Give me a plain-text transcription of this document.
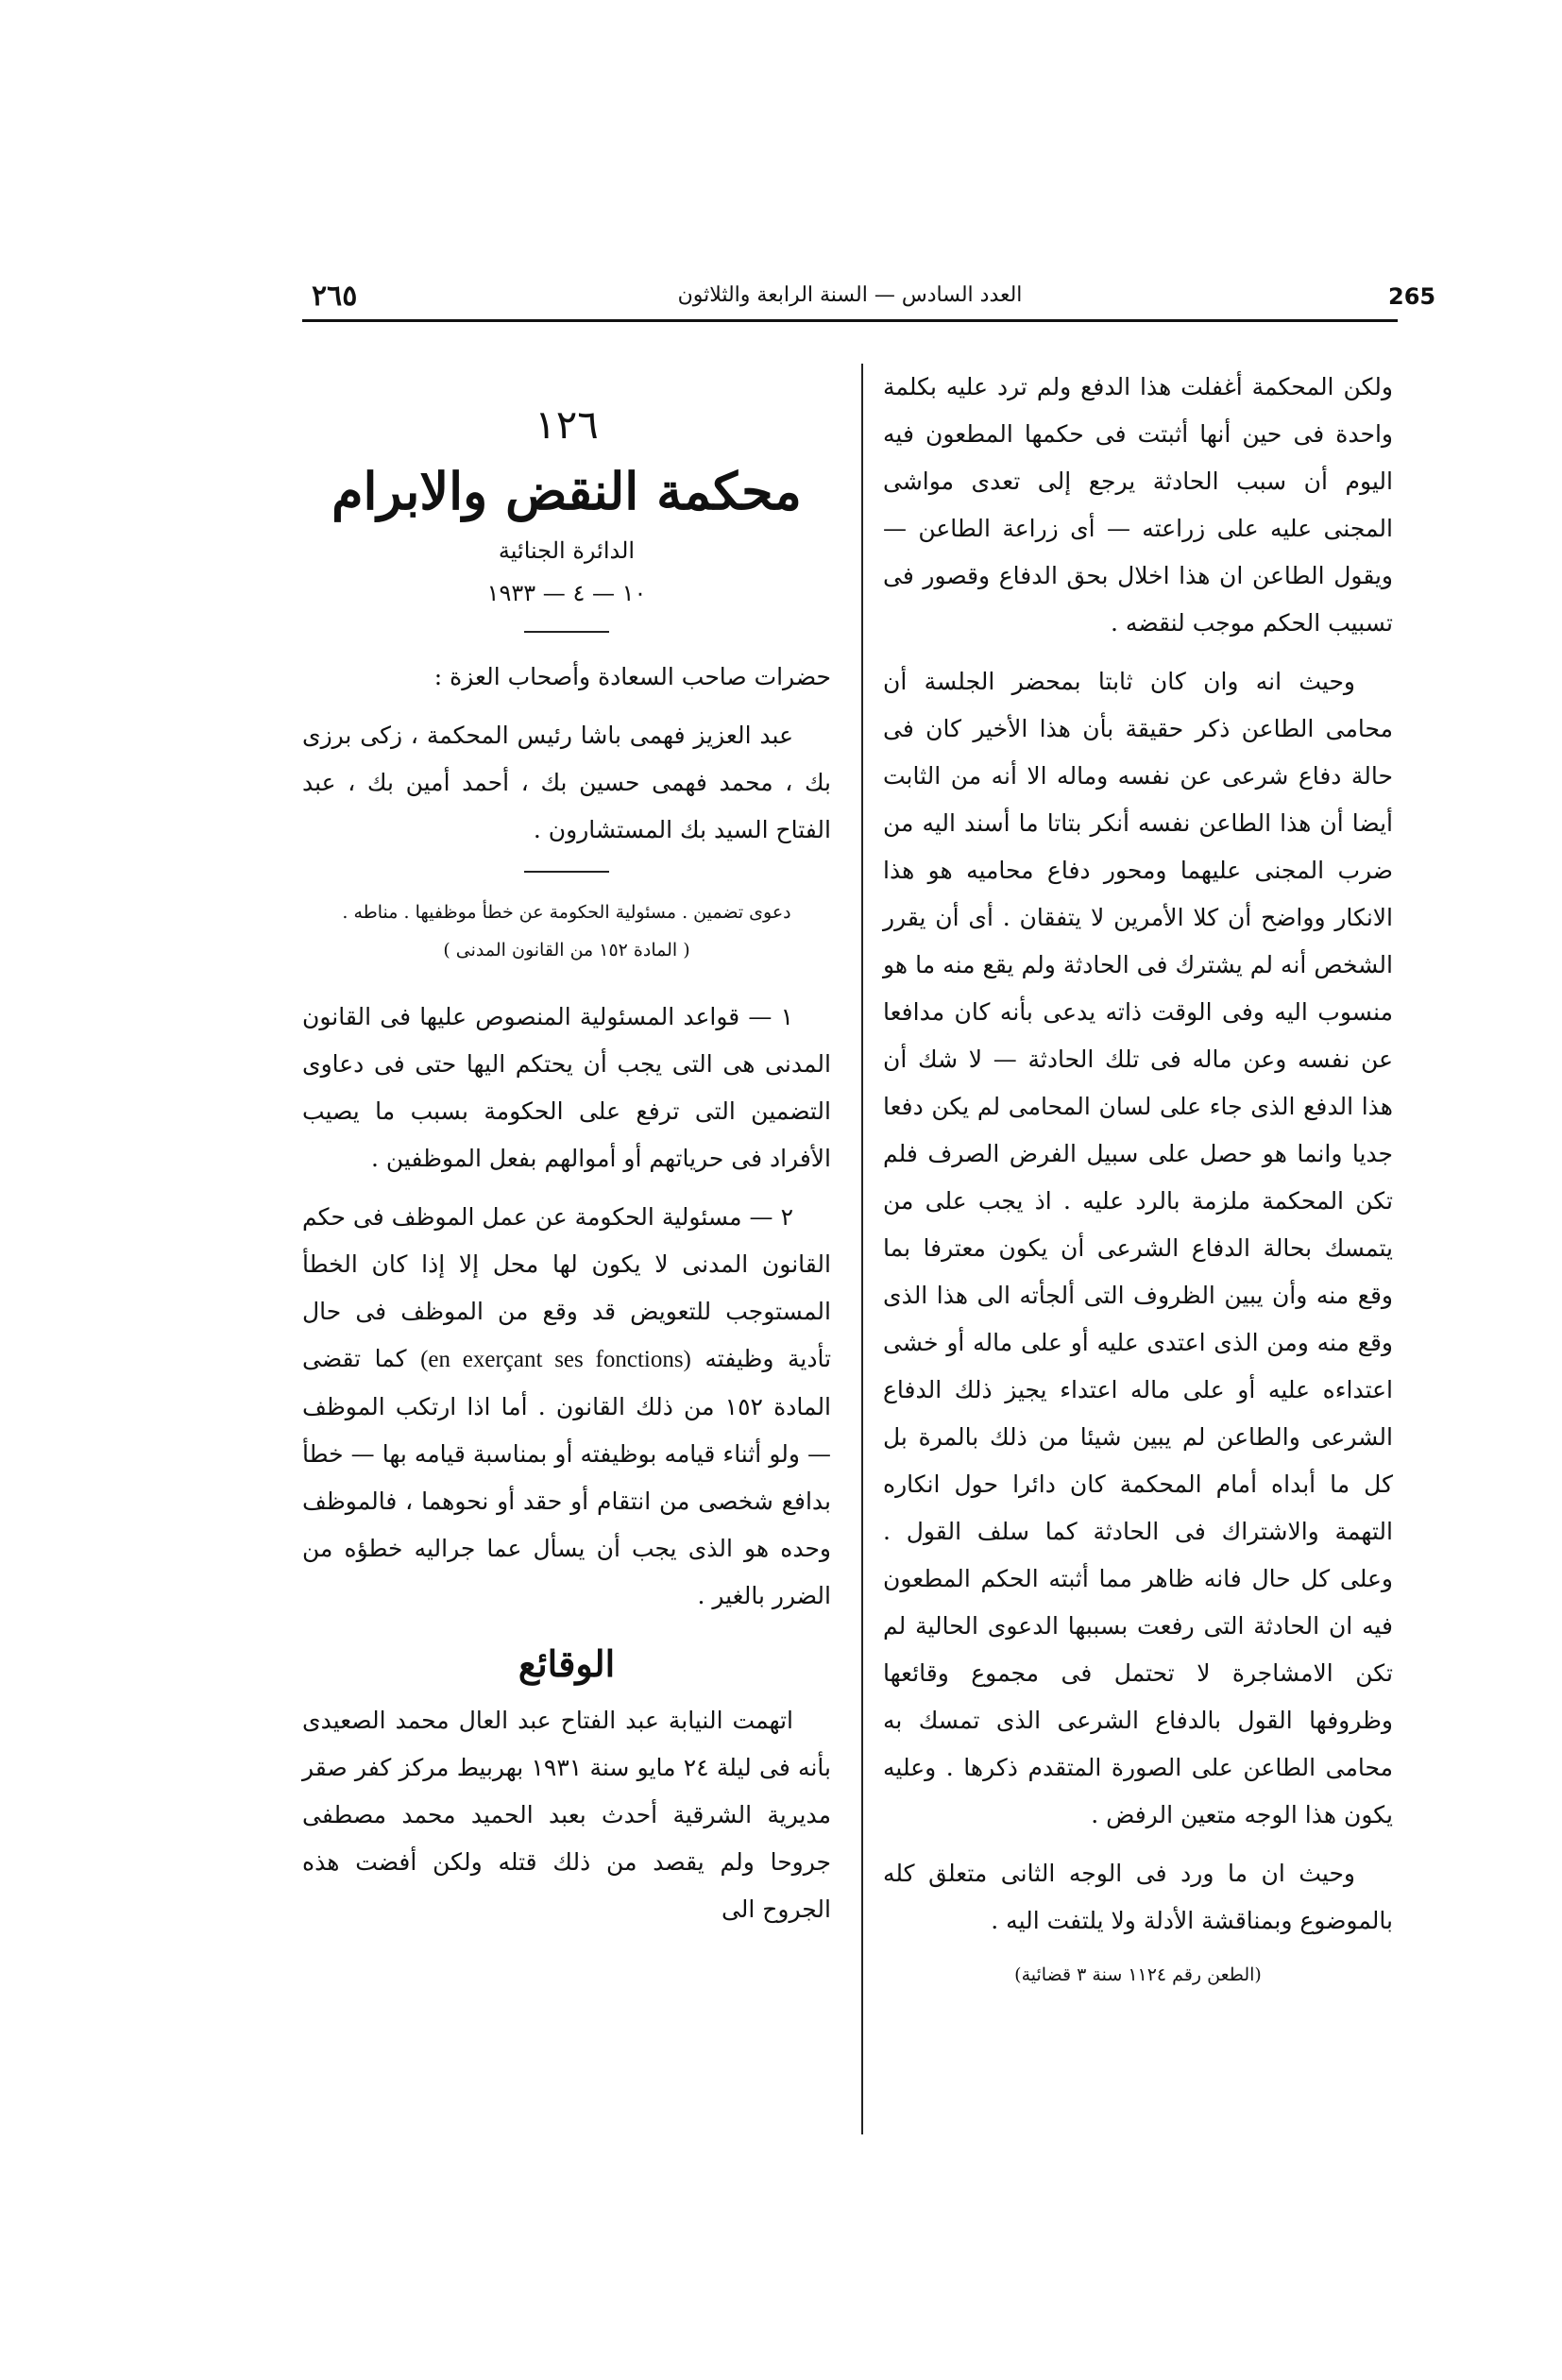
٢٦٥	العدد السادس — السنة الرابعة والثلاثون	265

ولكن المحكمة أغفلت هذا الدفع ولم ترد عليه بكلمة واحدة فى حين أنها أثبتت فى حكمها المطعون فيه اليوم أن سبب الحادثة يرجع إلى تعدى مواشى المجنى عليه على زراعته — أى زراعة الطاعن — ويقول الطاعن ان هذا اخلال بحق الدفاع وقصور فى تسبيب الحكم موجب لنقضه .

وحيث انه وان كان ثابتا بمحضر الجلسة أن محامى الطاعن ذكر حقيقة بأن هذا الأخير كان فى حالة دفاع شرعى عن نفسه وماله الا أنه من الثابت أيضا أن هذا الطاعن نفسه أنكر بتاتا ما أسند اليه من ضرب المجنى عليهما ومحور دفاع محاميه هو هذا الانكار وواضح أن كلا الأمرين لا يتفقان . أى أن يقرر الشخص أنه لم يشترك فى الحادثة ولم يقع منه ما هو منسوب اليه وفى الوقت ذاته يدعى بأنه كان مدافعا عن نفسه وعن ماله فى تلك الحادثة — لا شك أن هذا الدفع الذى جاء على لسان المحامى لم يكن دفعا جديا وانما هو حصل على سبيل الفرض الصرف فلم تكن المحكمة ملزمة بالرد عليه . اذ يجب على من يتمسك بحالة الدفاع الشرعى أن يكون معترفا بما وقع منه وأن يبين الظروف التى ألجأته الى هذا الذى وقع منه ومن الذى اعتدى عليه أو على ماله أو خشى اعتداءه عليه أو على ماله اعتداء يجيز ذلك الدفاع الشرعى والطاعن لم يبين شيئا من ذلك بالمرة بل كل ما أبداه أمام المحكمة كان دائرا حول انكاره التهمة والاشتراك فى الحادثة كما سلف القول . وعلى كل حال فانه ظاهر مما أثبته الحكم المطعون فيه ان الحادثة التى رفعت بسببها الدعوى الحالية لم تكن الامشاجرة لا تحتمل فى مجموع وقائعها وظروفها القول بالدفاع الشرعى الذى تمسك به محامى الطاعن على الصورة المتقدم ذكرها . وعليه يكون هذا الوجه متعين الرفض .

وحيث ان ما ورد فى الوجه الثانى متعلق كله بالموضوع وبمناقشة الأدلة ولا يلتفت اليه .

(الطعن رقم ١١٢٤ سنة ٣ قضائية)

١٢٦
محكمة النقض والابرام
الدائرة الجنائية
١٠ — ٤ — ١٩٣٣

حضرات صاحب السعادة وأصحاب العزة :

عبد العزيز فهمى باشا رئيس المحكمة ، زكى برزى بك ، محمد فهمى حسين بك ، أحمد أمين بك ، عبد الفتاح السيد بك المستشارون .

دعوى تضمين . مسئولية الحكومة عن خطأ موظفيها . مناطه .
( المادة ١٥٢ من القانون المدنى )

١ — قواعد المسئولية المنصوص عليها فى القانون المدنى هى التى يجب أن يحتكم اليها حتى فى دعاوى التضمين التى ترفع على الحكومة بسبب ما يصيب الأفراد فى حرياتهم أو أموالهم بفعل الموظفين .

٢ — مسئولية الحكومة عن عمل الموظف فى حكم القانون المدنى لا يكون لها محل إلا إذا كان الخطأ المستوجب للتعويض قد وقع من الموظف فى حال تأدية وظيفته (en exerçant ses fonctions) كما تقضى المادة ١٥٢ من ذلك القانون . أما اذا ارتكب الموظف — ولو أثناء قيامه بوظيفته أو بمناسبة قيامه بها — خطأ بدافع شخصى من انتقام أو حقد أو نحوهما ، فالموظف وحده هو الذى يجب أن يسأل عما جراليه خطؤه من الضرر بالغير .

الوقائع

اتهمت النيابة عبد الفتاح عبد العال محمد الصعيدى بأنه فى ليلة ٢٤ مايو سنة ١٩٣١ بهربيط مركز كفر صقر مديرية الشرقية أحدث بعبد الحميد محمد مصطفى جروحا ولم يقصد من ذلك قتله ولكن أفضت هذه الجروح الى
